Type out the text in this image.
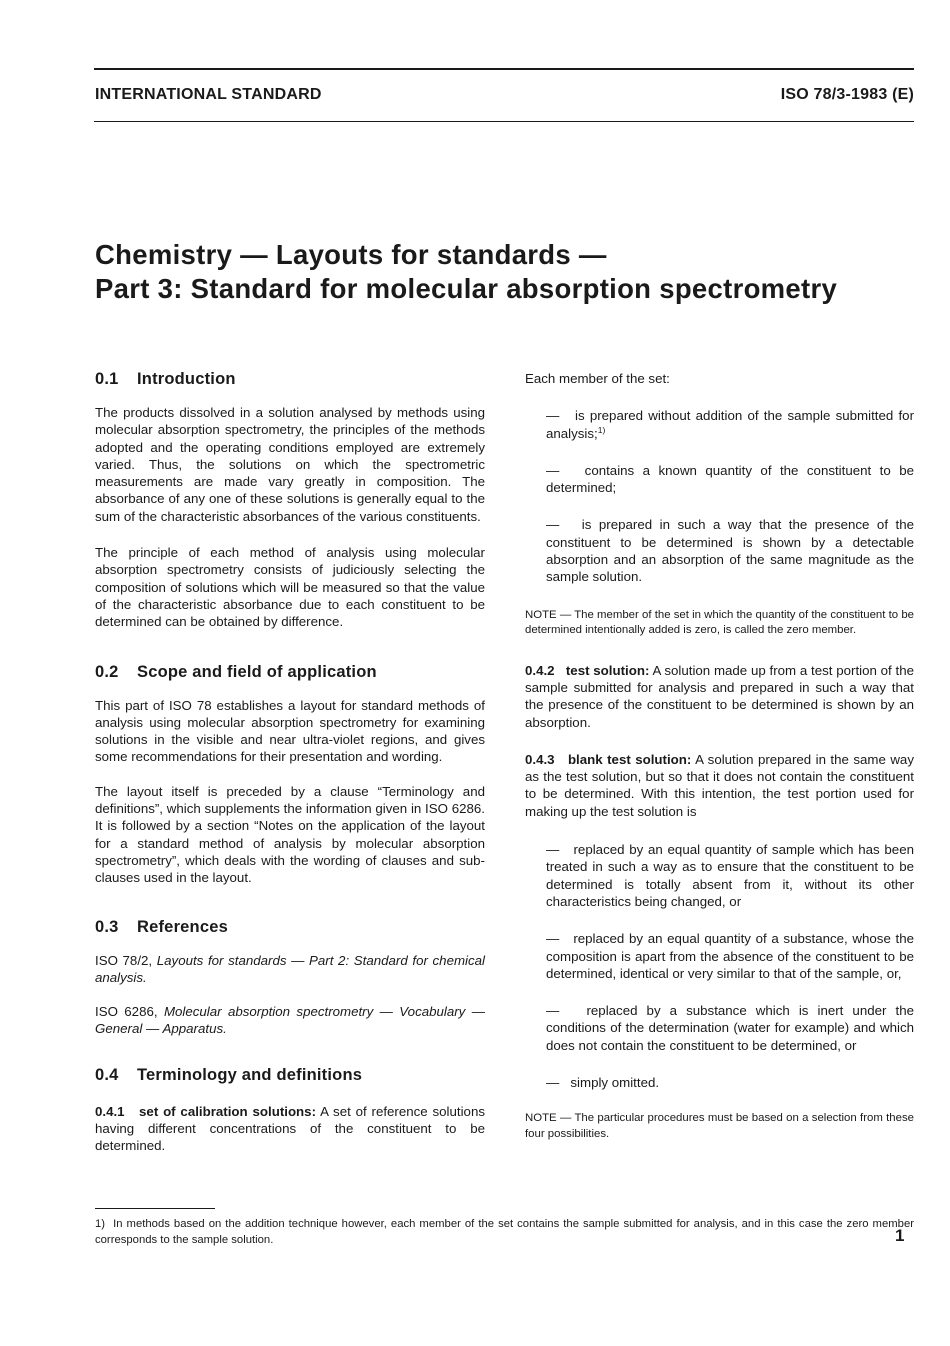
INTERNATIONAL STANDARD	ISO 78/3-1983 (E)
Chemistry — Layouts for standards —
Part 3: Standard for molecular absorption spectrometry
0.1 Introduction

The products dissolved in a solution analysed by methods using molecular absorption spectrometry, the principles of the methods adopted and the operating conditions employed are extremely varied. Thus, the solutions on which the spectrometric measurements are made vary greatly in composition. The absorbance of any one of these solutions is generally equal to the sum of the characteristic absorbances of the various constituents.

The principle of each method of analysis using molecular absorption spectrometry consists of judiciously selecting the composition of solutions which will be measured so that the value of the characteristic absorbance due to each constituent to be determined can be obtained by difference.

0.2 Scope and field of application

This part of ISO 78 establishes a layout for standard methods of analysis using molecular absorption spectrometry for examining solutions in the visible and near ultra-violet regions, and gives some recommendations for their presentation and wording.

The layout itself is preceded by a clause “Terminology and definitions”, which supplements the information given in ISO 6286. It is followed by a section “Notes on the application of the layout for a standard method of analysis by molecular absorption spectrometry”, which deals with the wording of clauses and sub-clauses used in the layout.

0.3 References

ISO 78/2, Layouts for standards — Part 2: Standard for chemical analysis.

ISO 6286, Molecular absorption spectrometry — Vocabulary — General — Apparatus.

0.4 Terminology and definitions

0.4.1 set of calibration solutions: A set of reference solutions having different concentrations of the constituent to be determined.

Each member of the set:

—   is prepared without addition of the sample submitted for analysis;$^{1)}$

—   contains a known quantity of the constituent to be determined;

—   is prepared in such a way that the presence of the constituent to be determined is shown by a detectable absorption and an absorption of the same magnitude as the sample solution.

NOTE — The member of the set in which the quantity of the constituent to be determined intentionally added is zero, is called the zero member.

0.4.2 test solution: A solution made up from a test portion of the sample submitted for analysis and prepared in such a way that the presence of the constituent to be determined is shown by an absorption.

0.4.3 blank test solution: A solution prepared in the same way as the test solution, but so that it does not contain the constituent to be determined. With this intention, the test portion used for making up the test solution is

—   replaced by an equal quantity of sample which has been treated in such a way as to ensure that the constituent to be determined is totally absent from it, without its other characteristics being changed, or

—   replaced by an equal quantity of a substance, whose the composition is apart from the absence of the constituent to be determined, identical or very similar to that of the sample, or,

—   replaced by a substance which is inert under the conditions of the determination (water for example) and which does not contain the constituent to be determined, or

—   simply omitted.

NOTE — The particular procedures must be based on a selection from these four possibilities.

1) In methods based on the addition technique however, each member of the set contains the sample submitted for analysis, and in this case the zero member corresponds to the sample solution.	1
